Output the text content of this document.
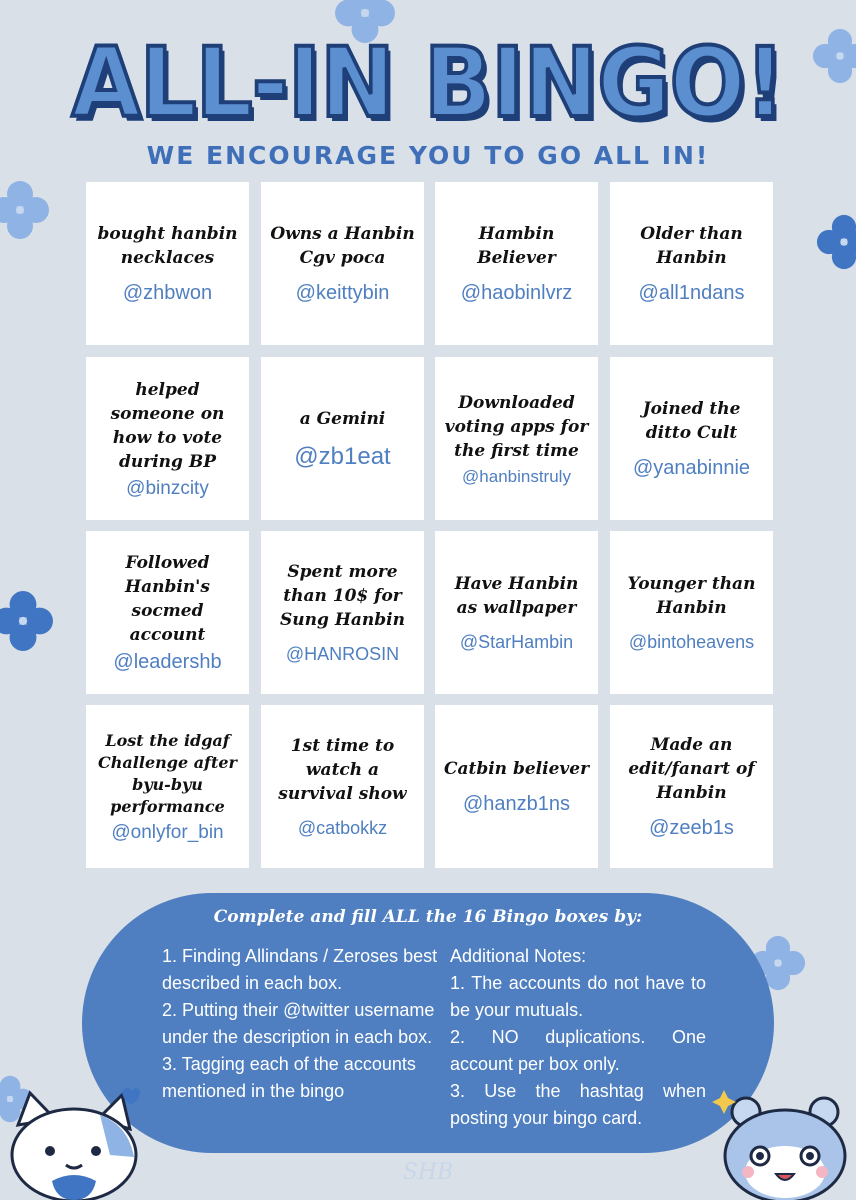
ALL-IN BINGO!
WE ENCOURAGE YOU TO GO ALL IN!
bought hanbin necklaces
@zhbwon
Owns a Hanbin Cgv poca
@keittybin
Hambin Believer
@haobinlvrz
Older than Hanbin
@all1ndans
helped someone on how to vote during BP
@binzcity
a Gemini
@zb1eat
Downloaded voting apps for the first time
@hanbinstruly
Joined the ditto Cult
@yanabinnie
Followed Hanbin's socmed account
@leadershb
Spent more than 10$ for Sung Hanbin
@HANROSIN
Have Hanbin as wallpaper
@StarHambin
Younger than Hanbin
@bintoheavens
Lost the idgaf Challenge after byu-byu performance
@onlyfor_bin
1st time to watch a survival show
@catbokkz
Catbin believer
@hanzb1ns
Made an edit/fanart of Hanbin
@zeeb1s
Complete and fill ALL the 16 Bingo boxes by:
1. Finding Allindans / Zeroses best described in each box.
2. Putting their @twitter username under the description in each box.
3. Tagging each of the accounts mentioned in the bingo
Additional Notes:
1. The accounts do not have to be your mutuals.
2. NO duplications. One account per box only.
3. Use the hashtag when posting your bingo card.
SHB
